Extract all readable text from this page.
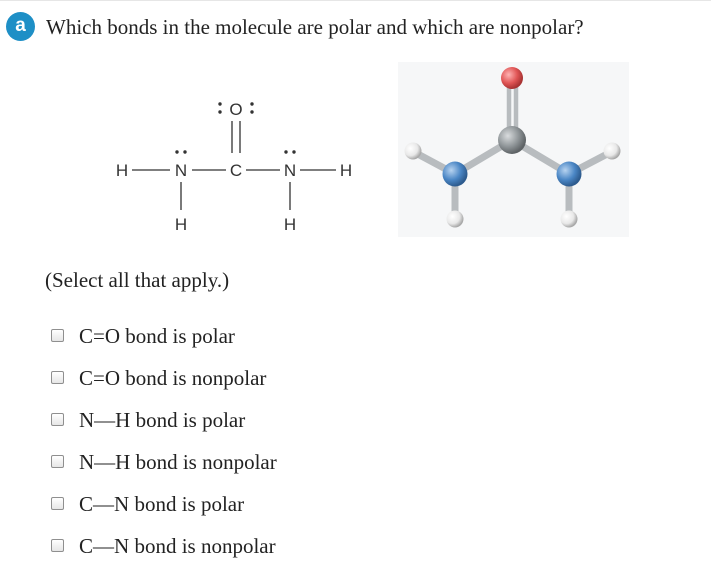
a Which bonds in the molecule are polar and which are nonpolar?
O
C
H	N	N	H
H	H
(Select all that apply.)
C=O bond is polar
C=O bond is nonpolar
N—H bond is polar
N—H bond is nonpolar
C—N bond is polar
C—N bond is nonpolar
